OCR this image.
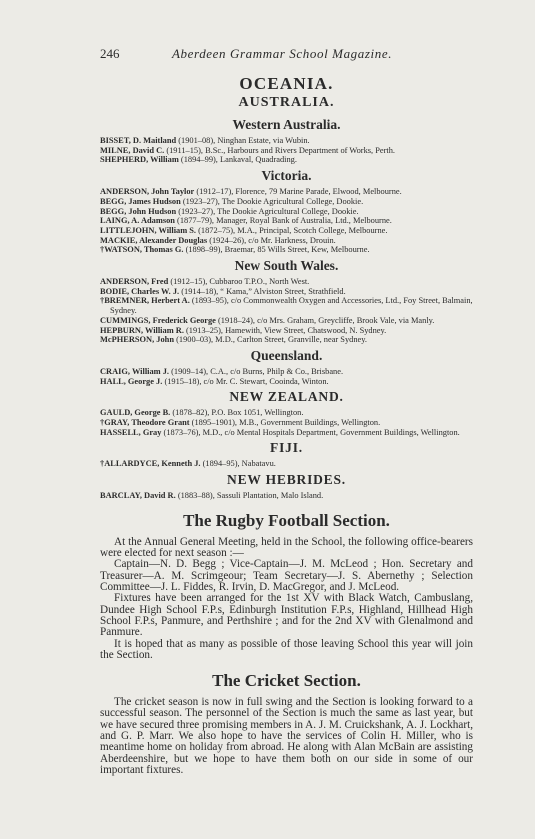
246	Aberdeen Grammar School Magazine.
OCEANIA.
AUSTRALIA.
Western Australia.
BISSET, D. Maitland (1901–08), Ninghan Estate, via Wubin.
MILNE, David C. (1911–15), B.Sc., Harbours and Rivers Department of Works, Perth.
SHEPHERD, William (1894–99), Lankaval, Quadrading.
Victoria.
ANDERSON, John Taylor (1912–17), Florence, 79 Marine Parade, Elwood, Melbourne.
BEGG, James Hudson (1923–27), The Dookie Agricultural College, Dookie.
BEGG, John Hudson (1923–27), The Dookie Agricultural College, Dookie.
LAING, A. Adamson (1877–79), Manager, Royal Bank of Australia, Ltd., Melbourne.
LITTLEJOHN, William S. (1872–75), M.A., Principal, Scotch College, Melbourne.
MACKIE, Alexander Douglas (1924–26), c/o Mr. Harkness, Drouin.
†WATSON, Thomas G. (1898–99), Braemar, 85 Wills Street, Kew, Melbourne.
New South Wales.
ANDERSON, Fred (1912–15), Cubbaroo T.P.O., North West.
BODIE, Charles W. J. (1914–18), “ Kama,” Alviston Street, Strathfield.
†BREMNER, Herbert A. (1893–95), c/o Commonwealth Oxygen and Accessories, Ltd., Foy Street, Balmain, Sydney.
CUMMINGS, Frederick George (1918–24), c/o Mrs. Graham, Greycliffe, Brook Vale, via Manly.
HEPBURN, William R. (1913–25), Hamewith, View Street, Chatswood, N. Sydney.
McPHERSON, John (1900–03), M.D., Carlton Street, Granville, near Sydney.
Queensland.
CRAIG, William J. (1909–14), C.A., c/o Burns, Philp & Co., Brisbane.
HALL, George J. (1915–18), c/o Mr. C. Stewart, Cooinda, Winton.
NEW ZEALAND.
GAULD, George B. (1878–82), P.O. Box 1051, Wellington.
†GRAY, Theodore Grant (1895–1901), M.B., Government Buildings, Wellington.
HASSELL, Gray (1873–76), M.D., c/o Mental Hospitals Department, Government Buildings, Wellington.
FIJI.
†ALLARDYCE, Kenneth J. (1894–95), Nabatavu.
NEW HEBRIDES.
BARCLAY, David R. (1883–88), Sassuli Plantation, Malo Island.
The Rugby Football Section.

At the Annual General Meeting, held in the School, the following office-bearers were elected for next season :—

Captain—N. D. Begg ; Vice-Captain—J. M. McLeod ; Hon. Secretary and Treasurer—A. M. Scrimgeour; Team Secretary—J. S. Abernethy ; Selection Committee—J. L. Fiddes, R. Irvin, D. MacGregor, and J. McLeod.

Fixtures have been arranged for the 1st XV with Black Watch, Cambuslang, Dundee High School F.P.s, Edinburgh Institution F.P.s, Highland, Hillhead High School F.P.s, Panmure, and Perthshire ; and for the 2nd XV with Glenalmond and Panmure.

It is hoped that as many as possible of those leaving School this year will join the Section.

The Cricket Section.

The cricket season is now in full swing and the Section is looking forward to a successful season. The personnel of the Section is much the same as last year, but we have secured three promising members in A. J. M. Cruickshank, A. J. Lockhart, and G. P. Marr. We also hope to have the services of Colin H. Miller, who is meantime home on holiday from abroad. He along with Alan McBain are assisting Aberdeenshire, but we hope to have them both on our side in some of our important fixtures.
